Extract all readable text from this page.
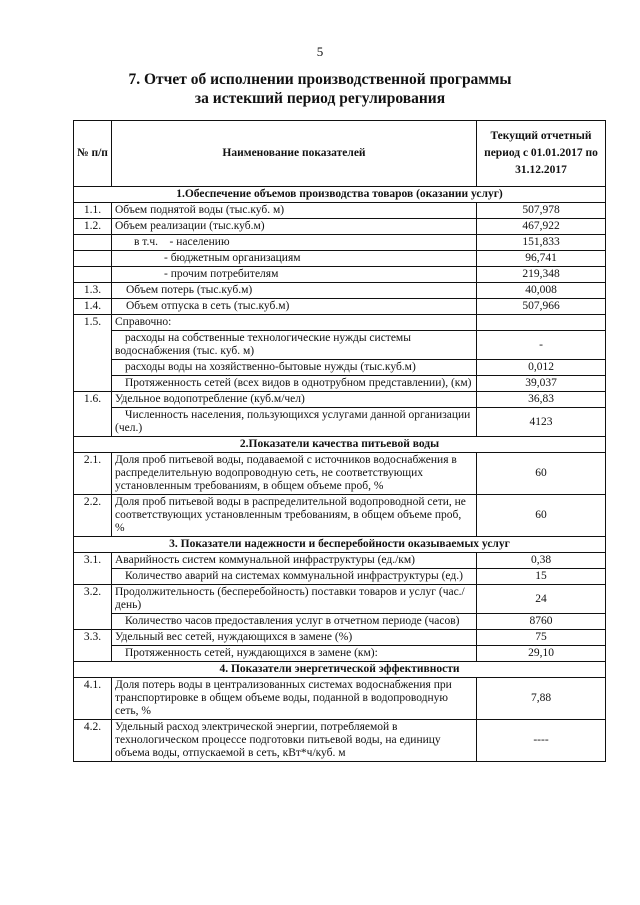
5
7. Отчет об исполнении производственной программы
за истекший период регулирования
№ п/п	Наименование показателей	Текущий отчетный период с 01.01.2017 по 31.12.2017
1.Обеспечение объемов производства товаров (оказании услуг)		
1.1.	Объем поднятой воды (тыс.куб. м)	507,978
1.2.	Объем реализации (тыс.куб.м)	467,922
	в т.ч.    - населению	151,833
	- бюджетным организациям	96,741
	- прочим потребителям	219,348
1.3.	Объем потерь (тыс.куб.м)	40,008
1.4.	Объем отпуска в сеть (тыс.куб.м)	507,966
1.5.	Справочно:	
	расходы на собственные технологические нужды системы водоснабжения (тыс. куб. м)	-
	расходы воды на хозяйственно-бытовые нужды (тыс.куб.м)	0,012
	Протяженность сетей (всех видов в однотрубном представлении), (км)	39,037
1.6.	Удельное водопотребление (куб.м/чел)	36,83
	Численность населения, пользующихся услугами данной организации (чел.)	4123
2.Показатели качества питьевой воды		
2.1.	Доля проб питьевой воды, подаваемой с источников водоснабжения в распределительную водопроводную сеть, не соответствующих установленным требованиям, в общем объеме проб, %	60
2.2.	Доля проб питьевой воды в распределительной водопроводной сети, не соответствующих установленным требованиям, в общем объеме проб, %	60
3. Показатели надежности и бесперебойности оказываемых услуг		
3.1.	Аварийность систем коммунальной инфраструктуры (ед./км)	0,38
	Количество аварий на системах коммунальной инфраструктуры (ед.)	15
3.2.	Продолжительность (бесперебойность) поставки товаров и услуг (час./день)	24
	Количество часов предоставления услуг в отчетном периоде (часов)	8760
3.3.	Удельный вес сетей, нуждающихся в замене (%)	75
	Протяженность сетей, нуждающихся в замене (км):	29,10
4. Показатели энергетической эффективности		
4.1.	Доля потерь воды в централизованных системах водоснабжения при транспортировке в общем объеме воды, поданной в водопроводную сеть, %	7,88
4.2.	Удельный расход электрической энергии, потребляемой в технологическом процессе подготовки питьевой воды, на единицу объема воды, отпускаемой в сеть, кВт*ч/куб. м	----
